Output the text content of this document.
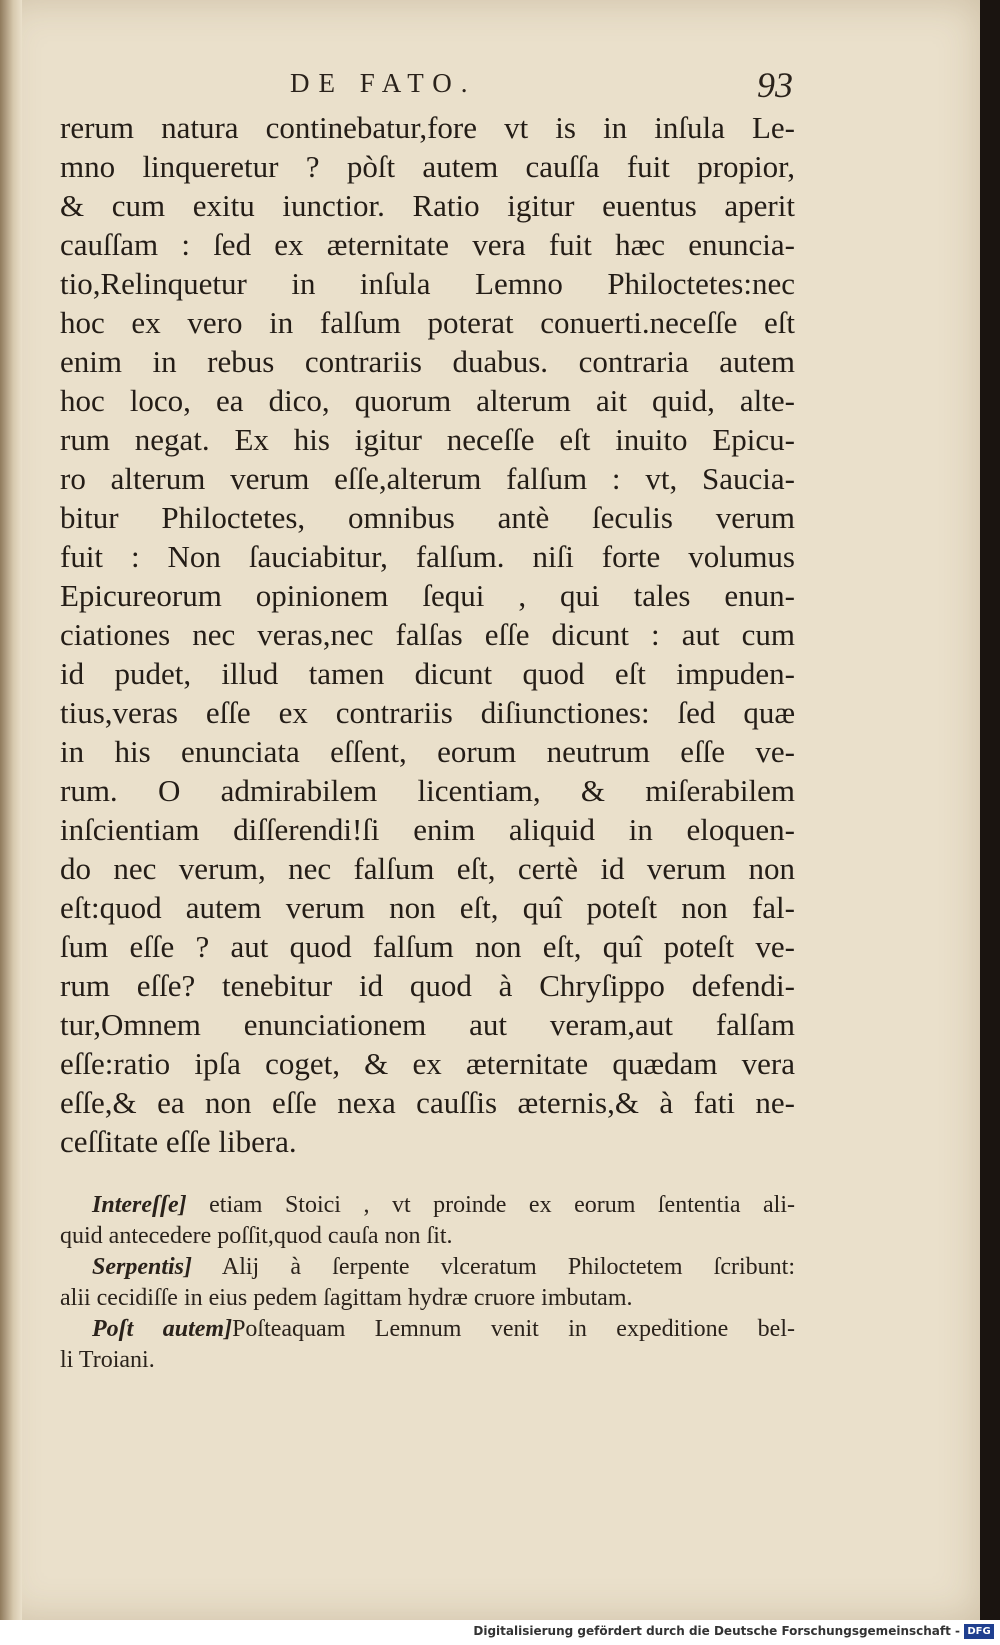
DE FATO.	93
rerum natura continebatur,fore vt is in inſula Le-
mno linqueretur ? pòſt autem cauſſa fuit propior,
& cum exitu iunctior. Ratio igitur euentus aperit
cauſſam : ſed ex æternitate vera fuit hæc enuncia-
tio,Relinquetur in inſula Lemno Philoctetes:nec
hoc ex vero in falſum poterat conuerti.neceſſe eſt
enim in rebus contrariis duabus. contraria autem
hoc loco, ea dico, quorum alterum ait quid, alte-
rum negat. Ex his igitur neceſſe eſt inuito Epicu-
ro alterum verum eſſe,alterum falſum : vt, Saucia-
bitur Philoctetes, omnibus antè ſeculis verum
fuit : Non ſauciabitur, falſum. niſi forte volumus
Epicureorum opinionem ſequi , qui tales enun-
ciationes nec veras,nec falſas eſſe dicunt : aut cum
id pudet, illud tamen dicunt quod eſt impuden-
tius,veras eſſe ex contrariis diſiunctiones: ſed quæ
in his enunciata eſſent, eorum neutrum eſſe ve-
rum. O admirabilem licentiam, & miſerabilem
inſcientiam diſſerendi!ſi enim aliquid in eloquen-
do nec verum, nec falſum eſt, certè id verum non
eſt:quod autem verum non eſt, quî poteſt non fal-
ſum eſſe ? aut quod falſum non eſt, quî poteſt ve-
rum eſſe? tenebitur id quod à Chryſippo defendi-
tur,Omnem enunciationem aut veram,aut falſam
eſſe:ratio ipſa coget, & ex æternitate quædam vera
eſſe,& ea non eſſe nexa cauſſis æternis,& à fati ne-
ceſſitate eſſe libera.
Intereſſe] etiam Stoici , vt proinde ex eorum ſententia ali-
quid antecedere poſſit,quod cauſa non ſit.
Serpentis] Alij à ſerpente vlceratum Philoctetem ſcribunt:
alii cecidiſſe in eius pedem ſagittam hydræ cruore imbutam.
Poſt autem]Poſteaquam Lemnum venit in expeditione bel-
li Troiani.
Digitalisierung gefördert durch die Deutsche Forschungsgemeinschaft - DFG
